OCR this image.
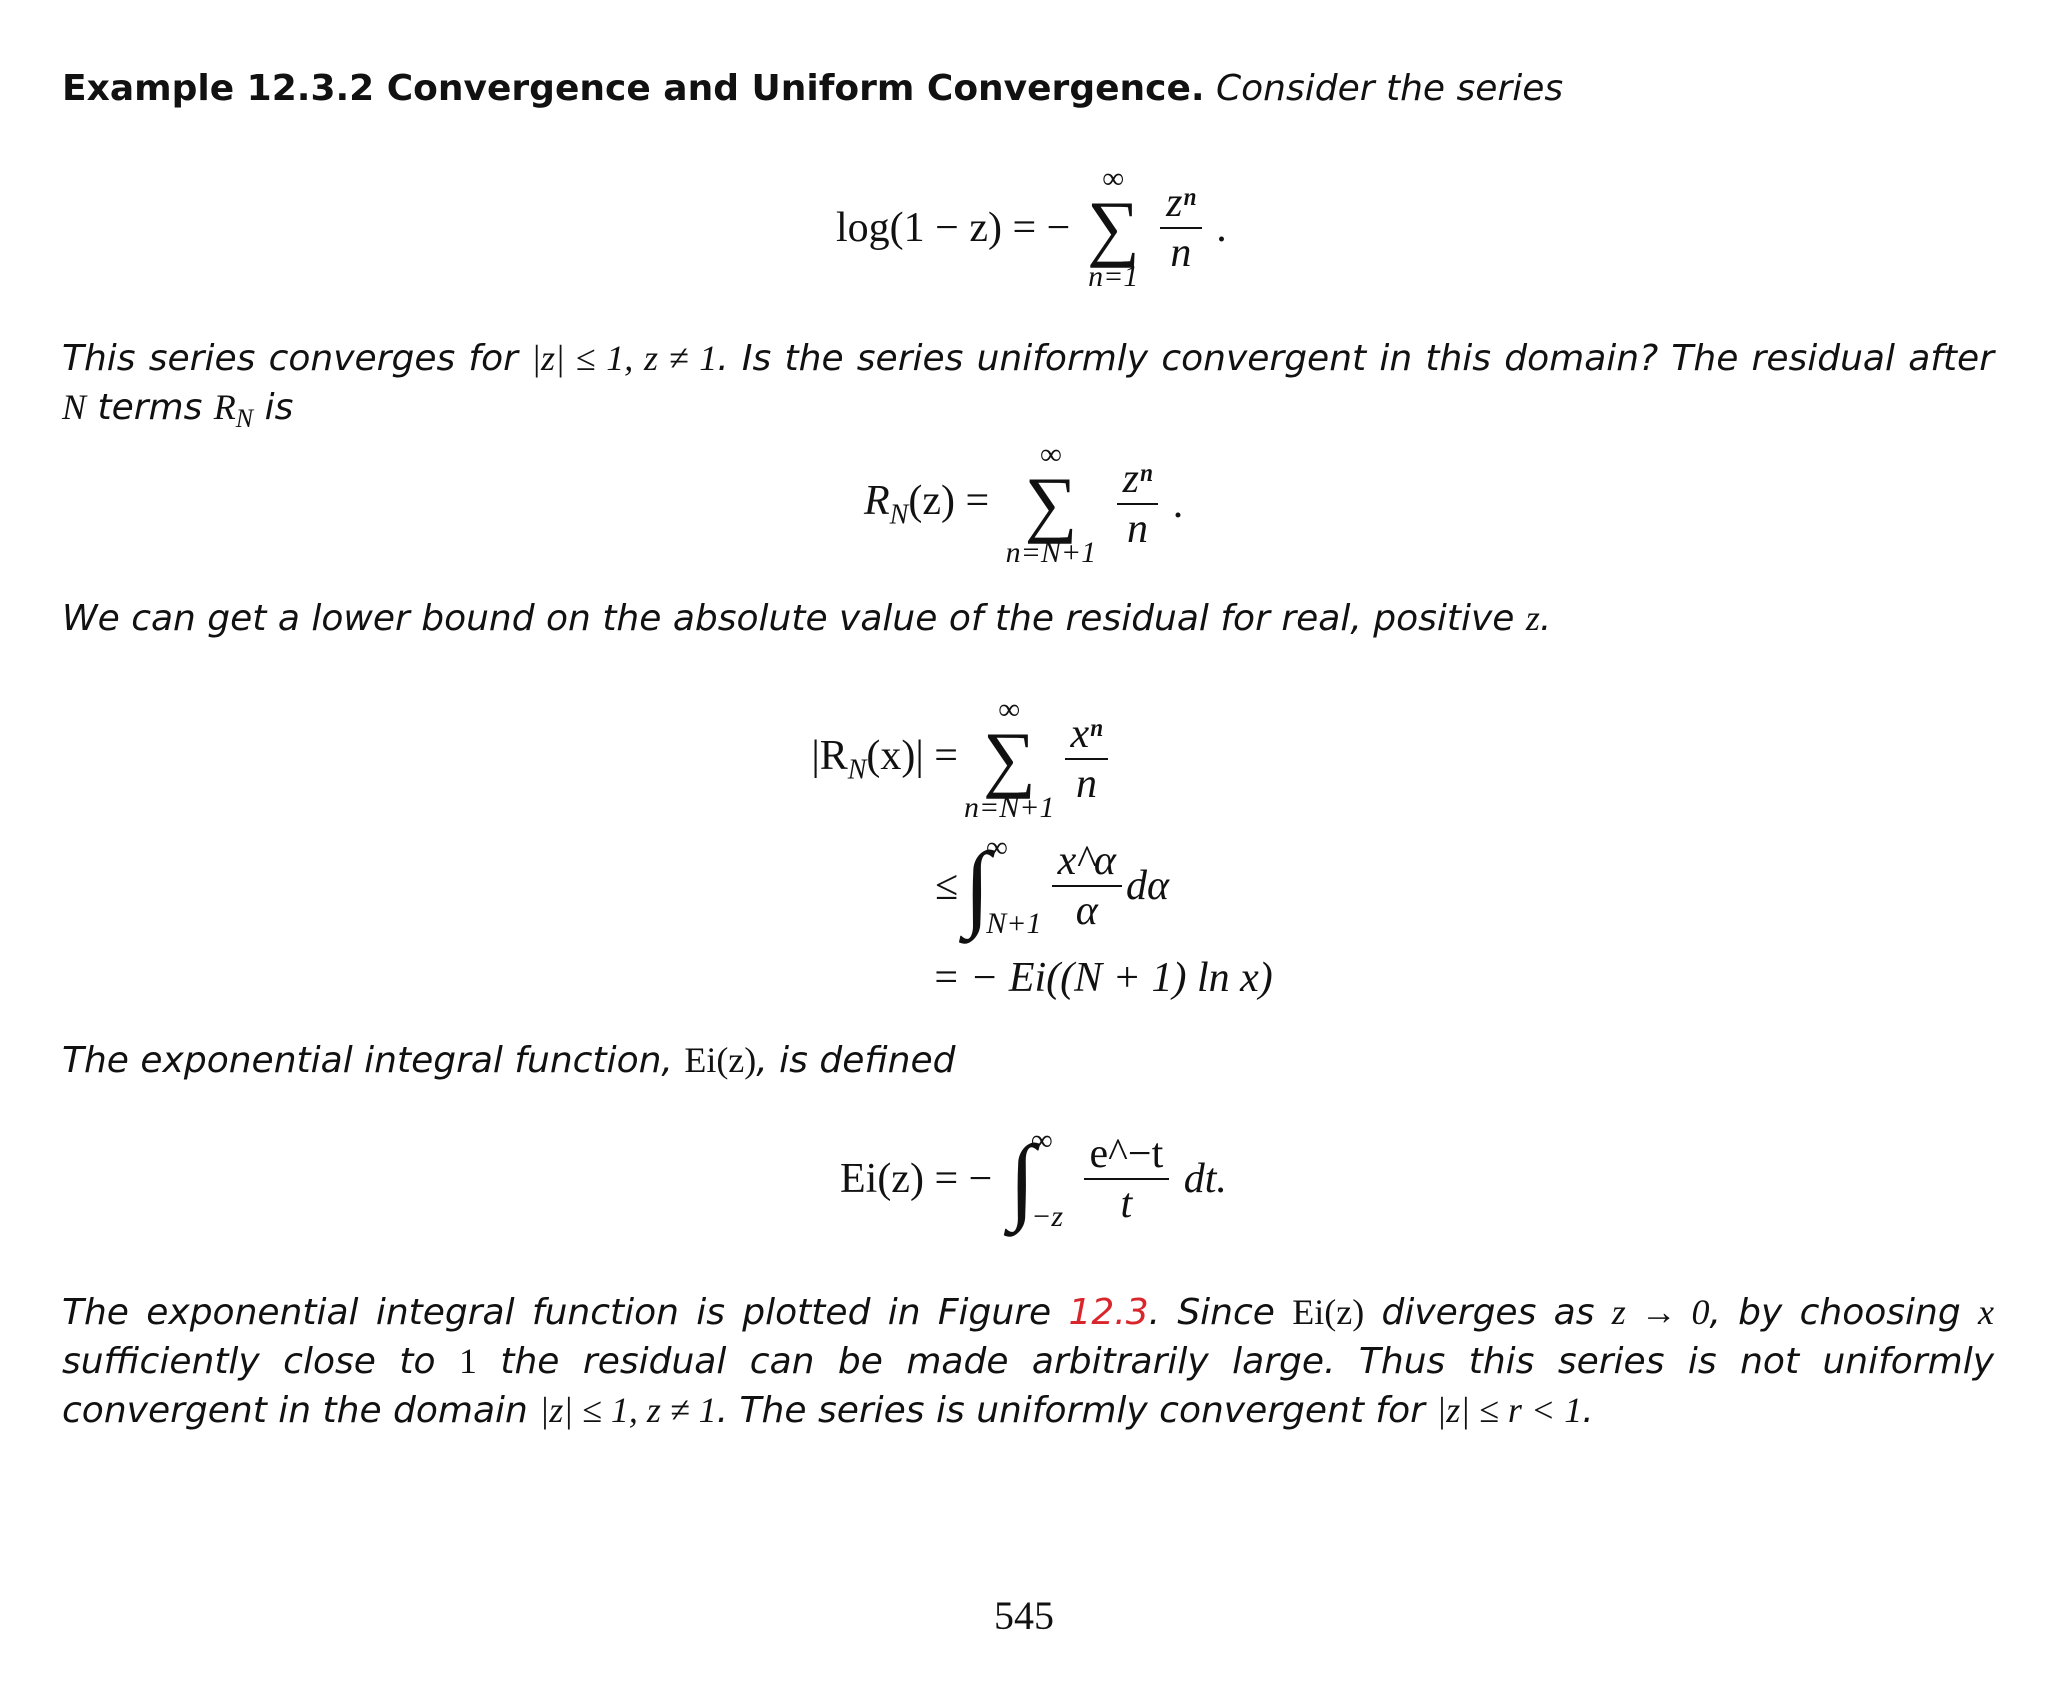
Example 12.3.2 Convergence and Uniform Convergence. Consider the series

log(1 − z) = −
∞
∑
n=1
$\frac{\text{zⁿ}}{n}$ .

This series converges for |z| ≤ 1, z ≠ 1. Is the series uniformly convergent in this domain? The residual after N terms $R_N$ is

$R_N(z)$ =
∞
∑
n=N+1
$\frac{\text{zⁿ}}{n}$ .

We can get a lower bound on the absolute value of the residual for real, positive z.

$|R_N(x)|$ =
∞
∑
$n=N+1 \frac{\text{xⁿ}}{n}$
≤ ∫
∞
$N+1 \frac{x\^{}\alpha}{\alpha}$ dα
= − Ei((N + 1) ln x)

The exponential integral function, Ei(z), is defined

Ei(z) = − ∫
∞
−z
$\frac{e\^{}-t}{t}$ dt.

The exponential integral function is plotted in Figure 12.3. Since Ei(z) diverges as z → 0, by choosing x sufficiently close to 1 the residual can be made arbitrarily large. Thus this series is not uniformly convergent in the domain |z| ≤ 1, z ≠ 1. The series is uniformly convergent for |z| ≤ r < 1.

545
